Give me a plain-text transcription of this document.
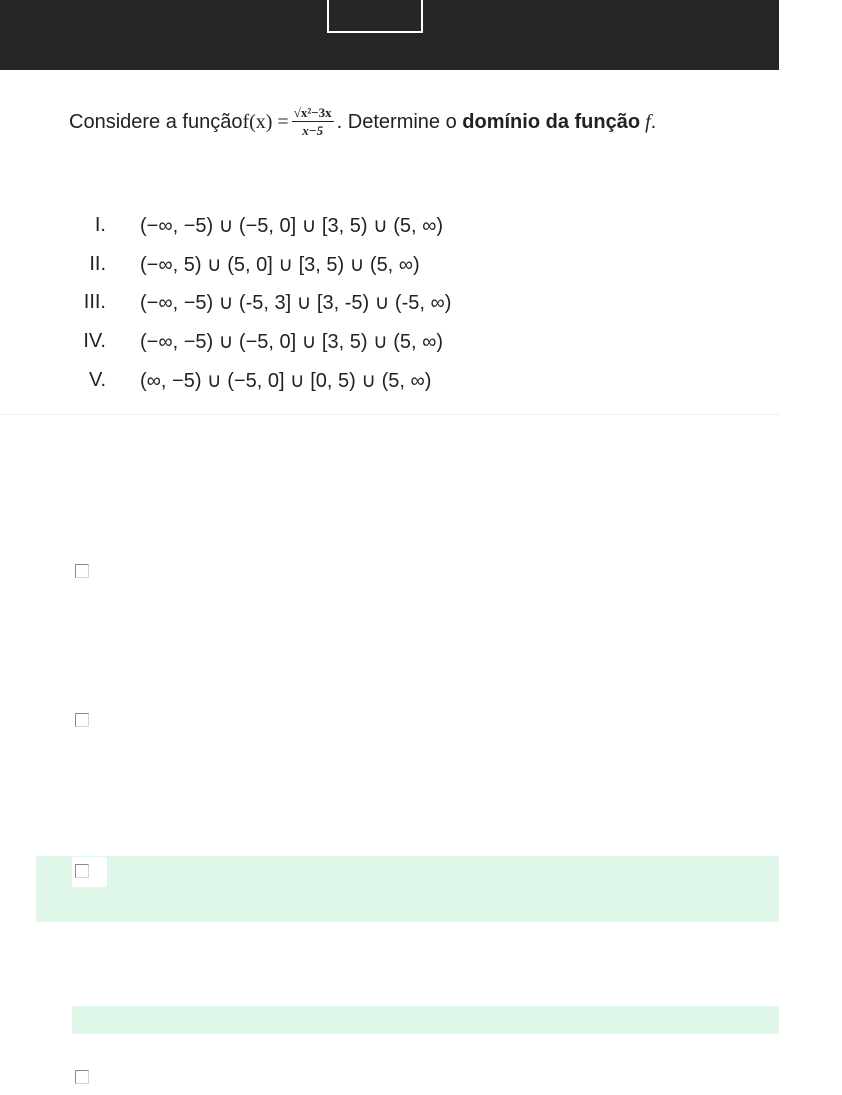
Considere a função $f(x) = \frac{\text{√x²−3x}}{x-5}$ . Determine o domínio da função f .
I. (−∞, −5) ∪ (−5, 0] ∪ [3, 5) ∪ (5, ∞)
II. (−∞, 5) ∪ (5, 0] ∪ [3, 5) ∪ (5, ∞)
III. (−∞, −5) ∪ (-5, 3] ∪ [3, -5) ∪ (-5, ∞)
IV. (−∞, −5) ∪ (−5, 0] ∪ [3, 5) ∪ (5, ∞)
V. (∞, −5) ∪ (−5, 0] ∪ [0, 5) ∪ (5, ∞)
